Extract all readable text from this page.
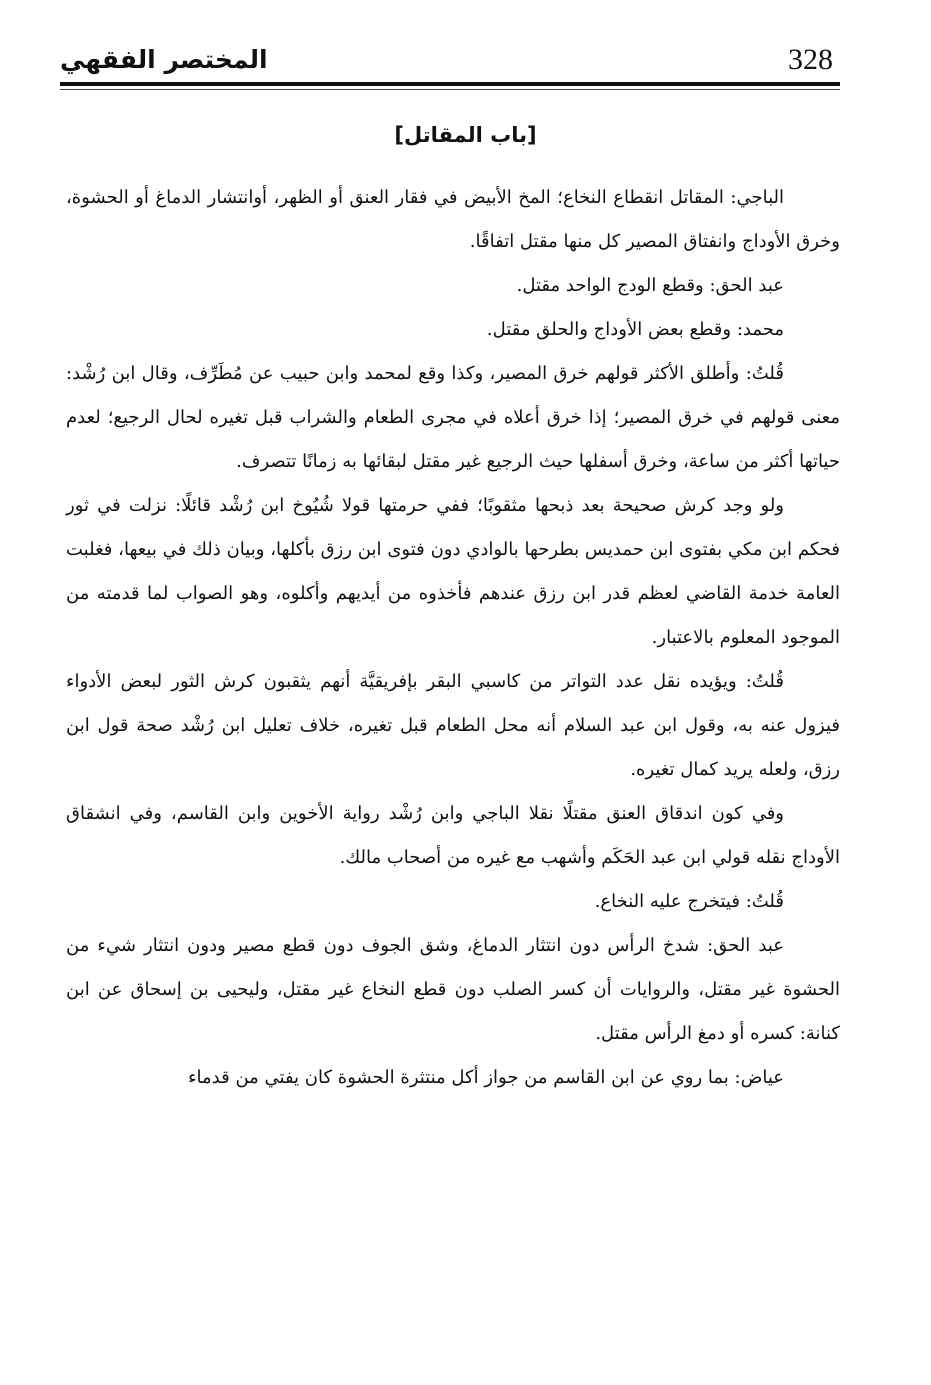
328
المختصر الفقهي
[باب المقاتل]

الباجي: المقاتل انقطاع النخاع؛ المخ الأبيض في فقار العنق أو الظهر، أوانتشار الدماغ أو الحشوة، وخرق الأوداج وانفتاق المصير كل منها مقتل اتفاقًا.

عبد الحق: وقطع الودج الواحد مقتل.

محمد: وقطع بعض الأوداج والحلق مقتل.

قُلتُ: وأطلق الأكثر قولهم خرق المصير، وكذا وقع لمحمد وابن حبيب عن مُطَرِّف، وقال ابن رُشْد: معنى قولهم في خرق المصير؛ إذا خرق أعلاه في مجرى الطعام والشراب قبل تغيره لحال الرجيع؛ لعدم حياتها أكثر من ساعة، وخرق أسفلها حيث الرجيع غير مقتل لبقائها به زمانًا تتصرف.

ولو وجد كرش صحيحة بعد ذبحها مثقوبًا؛ ففي حرمتها قولا شُيُوخ ابن رُشْد قائلًا: نزلت في ثور فحكم ابن مكي بفتوى ابن حمديس بطرحها بالوادي دون فتوى ابن رزق بأكلها، وبيان ذلك في بيعها، فغلبت العامة خدمة القاضي لعظم قدر ابن رزق عندهم فأخذوه من أيديهم وأكلوه، وهو الصواب لما قدمته من الموجود المعلوم بالاعتبار.

قُلتُ: ويؤيده نقل عدد التواتر من كاسبي البقر بإفريقيَّة أنهم يثقبون كرش الثور لبعض الأدواء فيزول عنه به، وقول ابن عبد السلام أنه محل الطعام قبل تغيره، خلاف تعليل ابن رُشْد صحة قول ابن رزق، ولعله يريد كمال تغيره.

وفي كون اندقاق العنق مقتلًا نقلا الباجي وابن رُشْد رواية الأخوين وابن القاسم، وفي انشقاق الأوداج نقله قولي ابن عبد الحَكَم وأشهب مع غيره من أصحاب مالك.

قُلتُ: فيتخرج عليه النخاع.

عبد الحق: شدخ الرأس دون انتثار الدماغ، وشق الجوف دون قطع مصير ودون انتثار شيء من الحشوة غير مقتل، والروايات أن كسر الصلب دون قطع النخاع غير مقتل، وليحيى بن إسحاق عن ابن كنانة: كسره أو دمغ الرأس مقتل.

عياض: بما روي عن ابن القاسم من جواز أكل منتثرة الحشوة كان يفتي من قدماء
